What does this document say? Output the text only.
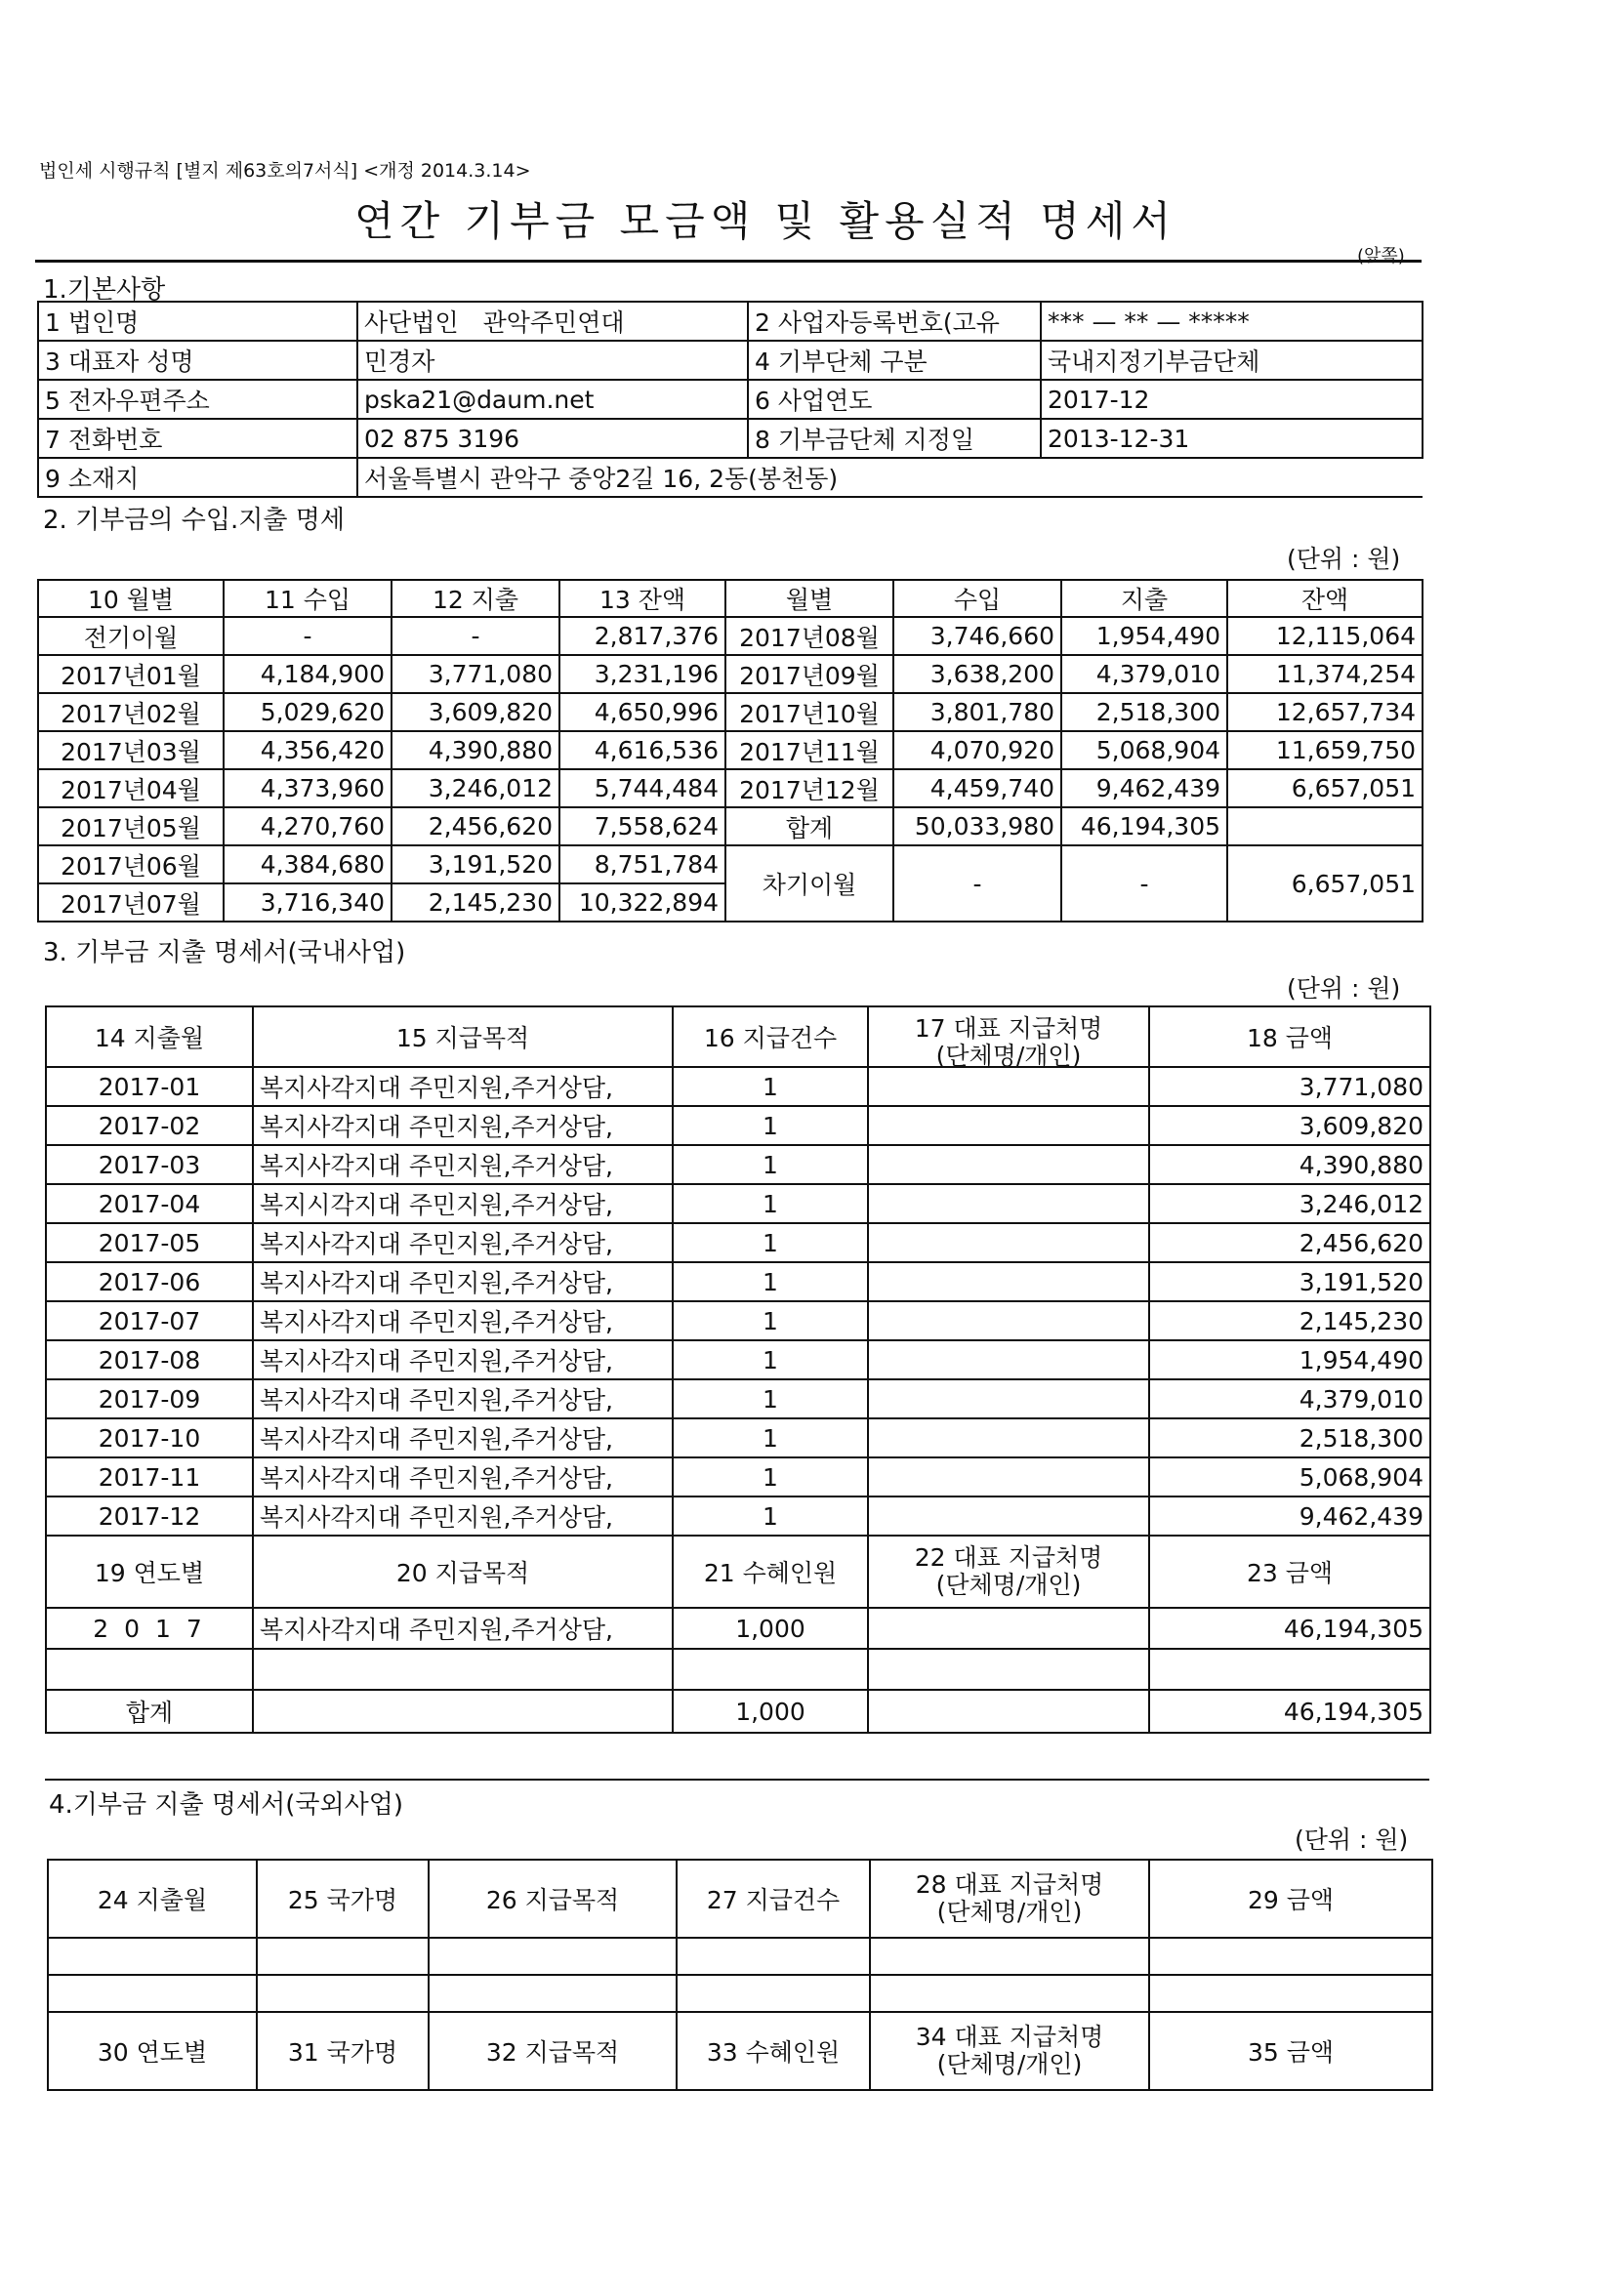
법인세 시행규칙 [별지 제63호의7서식] <개정 2014.3.14>
연간 기부금 모금액 및 활용실적 명세서
(앞쪽)
1.기본사항
1 법인명	사단법인　관악주민연대	2 사업자등록번호(고유	*** — ** — *****
3 대표자 성명	민경자	4 기부단체 구분	국내지정기부금단체
5 전자우편주소	pska21@daum.net	6 사업연도	2017-12
7 전화번호	02 875 3196	8 기부금단체 지정일	2013-12-31
9 소재지	서울특별시 관악구 중앙2길 16, 2동(봉천동)		
2. 기부금의 수입.지출 명세
(단위 : 원)
10 월별	11 수입	12 지출	13 잔액	월별	수입	지출	잔액
전기이월	-	-	2,817,376	2017년08월	3,746,660	1,954,490	12,115,064
2017년01월	4,184,900	3,771,080	3,231,196	2017년09월	3,638,200	4,379,010	11,374,254
2017년02월	5,029,620	3,609,820	4,650,996	2017년10월	3,801,780	2,518,300	12,657,734
2017년03월	4,356,420	4,390,880	4,616,536	2017년11월	4,070,920	5,068,904	11,659,750
2017년04월	4,373,960	3,246,012	5,744,484	2017년12월	4,459,740	9,462,439	6,657,051
2017년05월	4,270,760	2,456,620	7,558,624	합계	50,033,980	46,194,305	
2017년06월	4,384,680	3,191,520	8,751,784	차기이월	-	-	6,657,051
2017년07월	3,716,340	2,145,230	10,322,894				
3. 기부금 지출 명세서(국내사업)
(단위 : 원)
14 지출월	15 지급목적	16 지급건수	17 대표 지급처명
(단체명/개인)	18 금액
2017-01	복지사각지대 주민지원,주거상담,	1		3,771,080
2017-02	복지사각지대 주민지원,주거상담,	1		3,609,820
2017-03	복지사각지대 주민지원,주거상담,	1		4,390,880
2017-04	복지시각지대 주민지원,주거상담,	1		3,246,012
2017-05	복지사각지대 주민지원,주거상담,	1		2,456,620
2017-06	복지사각지대 주민지원,주거상담,	1		3,191,520
2017-07	복지사각지대 주민지원,주거상담,	1		2,145,230
2017-08	복지사각지대 주민지원,주거상담,	1		1,954,490
2017-09	복지사각지대 주민지원,주거상담,	1		4,379,010
2017-10	복지사각지대 주민지원,주거상담,	1		2,518,300
2017-11	복지사각지대 주민지원,주거상담,	1		5,068,904
2017-12	복지사각지대 주민지원,주거상담,	1		9,462,439
19 연도별	20 지급목적	21 수혜인원	22 대표 지급처명
(단체명/개인)	23 금액
2 0 1 7	복지사각지대 주민지원,주거상담,	1,000		46,194,305

합계		1,000		46,194,305
4.기부금 지출 명세서(국외사업)
(단위 : 원)
24 지출월	25 국가명	26 지급목적	27 지급건수	28 대표 지급처명
(단체명/개인)	29 금액

30 연도별	31 국가명	32 지급목적	33 수혜인원	34 대표 지급처명
(단체명/개인)	35 금액
